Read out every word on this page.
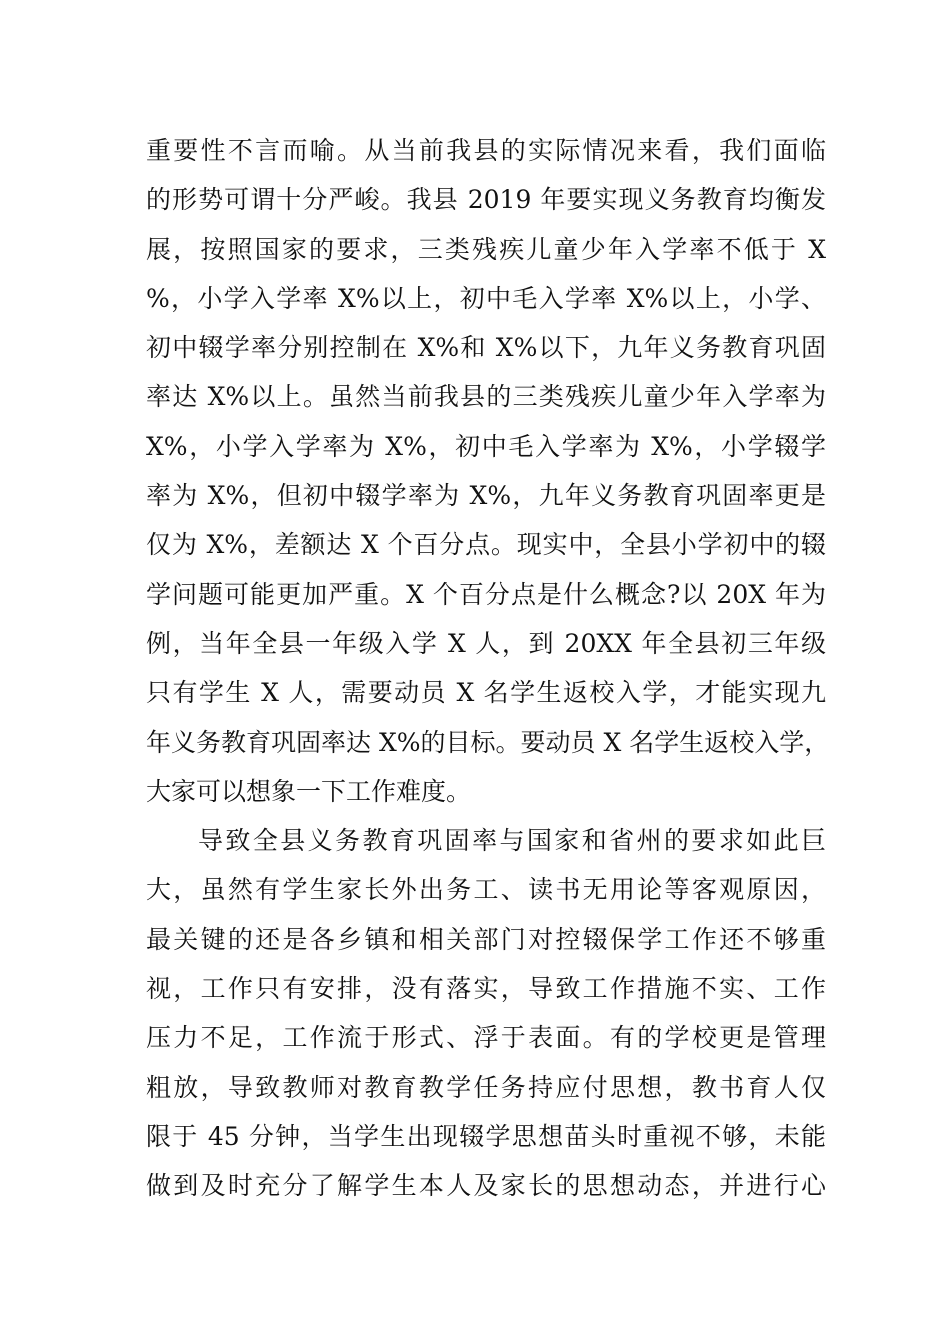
重要性不言而喻。从当前我县的实际情况来看，我们面临
的形势可谓十分严峻。我县 2019 年要实现义务教育均衡发
展，按照国家的要求，三类残疾儿童少年入学率不低于 X
%，小学入学率 X%以上，初中毛入学率 X%以上，小学、
初中辍学率分别控制在 X%和 X%以下，九年义务教育巩固
率达 X%以上。虽然当前我县的三类残疾儿童少年入学率为
X%，小学入学率为 X%，初中毛入学率为 X%，小学辍学
率为 X%，但初中辍学率为 X%，九年义务教育巩固率更是
仅为 X%，差额达 X 个百分点。现实中，全县小学初中的辍
学问题可能更加严重。X 个百分点是什么概念?以 20X 年为
例，当年全县一年级入学 X 人，到 20XX 年全县初三年级
只有学生 X 人，需要动员 X 名学生返校入学，才能实现九
年义务教育巩固率达 X%的目标。要动员 X 名学生返校入学，
大家可以想象一下工作难度。
导致全县义务教育巩固率与国家和省州的要求如此巨
大，虽然有学生家长外出务工、读书无用论等客观原因，
最关键的还是各乡镇和相关部门对控辍保学工作还不够重
视，工作只有安排，没有落实，导致工作措施不实、工作
压力不足，工作流于形式、浮于表面。有的学校更是管理
粗放，导致教师对教育教学任务持应付思想，教书育人仅
限于 45 分钟，当学生出现辍学思想苗头时重视不够，未能
做到及时充分了解学生本人及家长的思想动态，并进行心
